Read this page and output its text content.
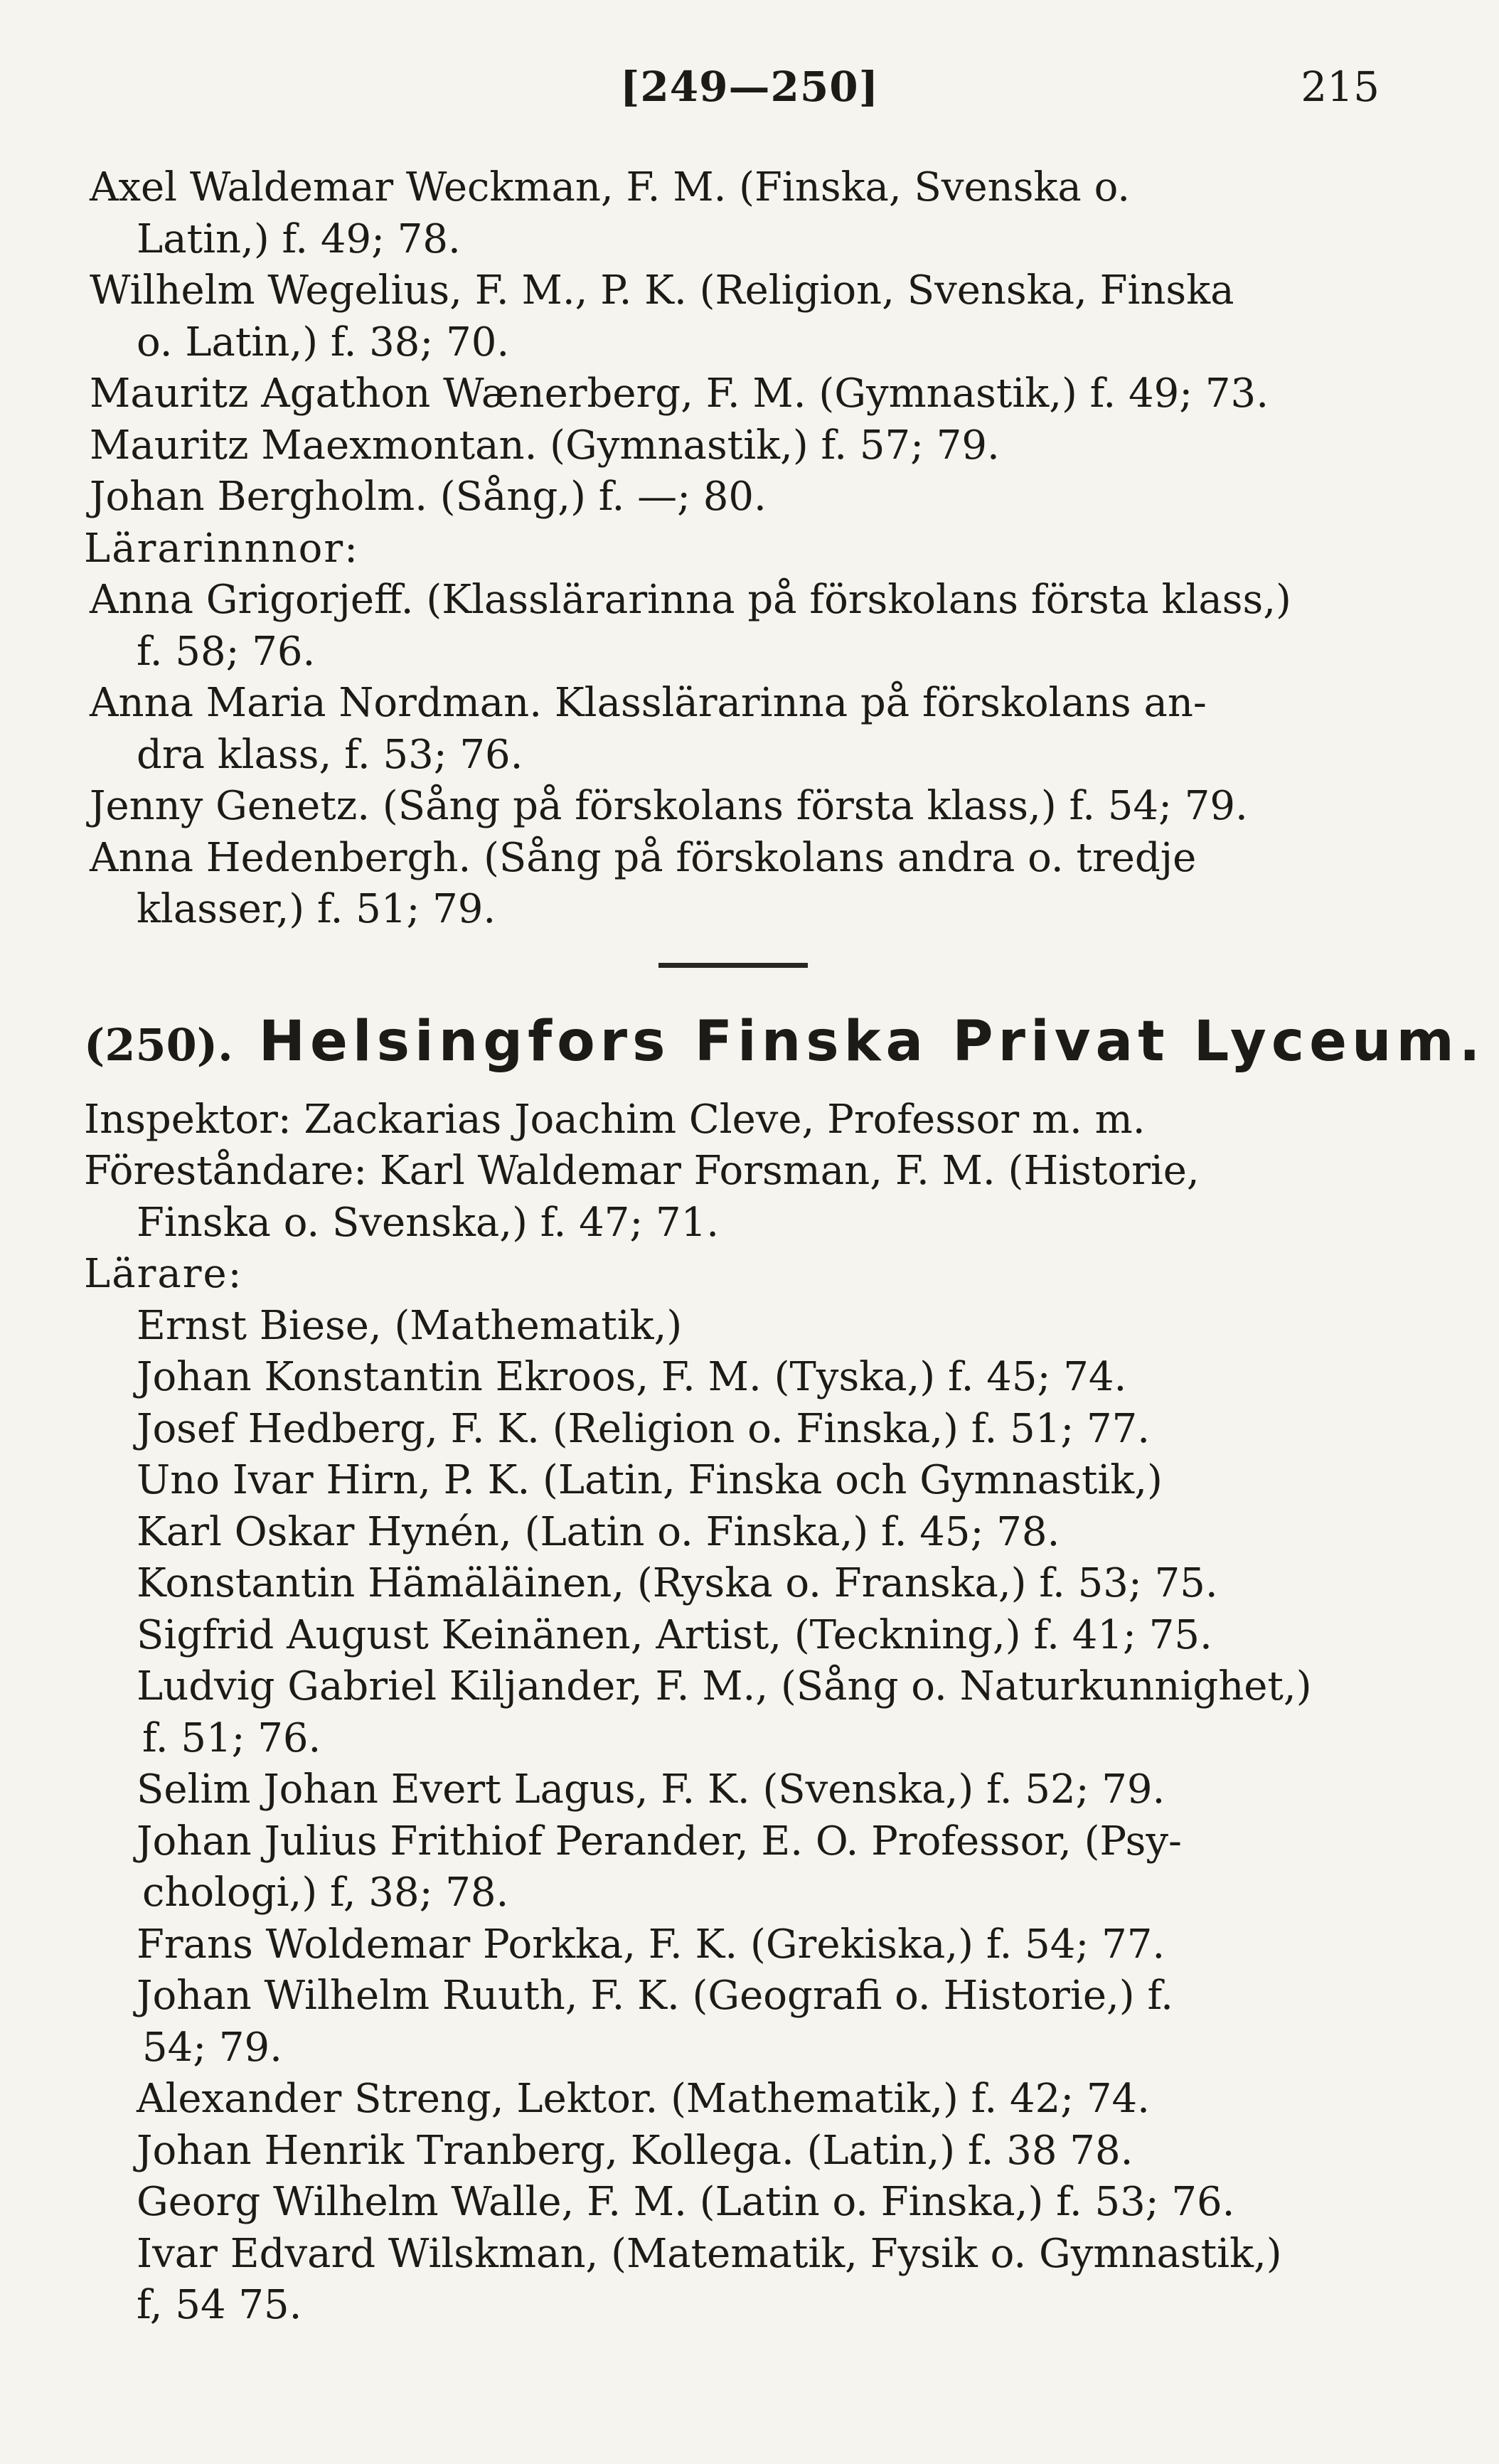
[249—250]	215
Axel Waldemar Weckman, F. M. (Finska, Svenska o.
Latin,) f. 49; 78.
Wilhelm Wegelius, F. M., P. K. (Religion, Svenska, Finska
o. Latin,) f. 38; 70.
Mauritz Agathon Wænerberg, F. M. (Gymnastik,) f. 49; 73.
Mauritz Maexmontan. (Gymnastik,) f. 57; 79.
Johan Bergholm. (Sång,) f. —; 80.
Lärarinnnor:
Anna Grigorjeff. (Klasslärarinna på förskolans första klass,)
f. 58; 76.
Anna Maria Nordman. Klasslärarinna på förskolans an-
dra klass, f. 53; 76.
Jenny Genetz. (Sång på förskolans första klass,) f. 54; 79.
Anna Hedenbergh. (Sång på förskolans andra o. tredje
klasser,) f. 51; 79.
(250). Helsingfors Finska Privat Lyceum.
Inspektor: Zackarias Joachim Cleve, Professor m. m.
Föreståndare: Karl Waldemar Forsman, F. M. (Historie,
Finska o. Svenska,) f. 47; 71.
Lärare:
Ernst Biese, (Mathematik,)
Johan Konstantin Ekroos, F. M. (Tyska,) f. 45; 74.
Josef Hedberg, F. K. (Religion o. Finska,) f. 51; 77.
Uno Ivar Hirn, P. K. (Latin, Finska och Gymnastik,)
Karl Oskar Hynén, (Latin o. Finska,) f. 45; 78.
Konstantin Hämäläinen, (Ryska o. Franska,) f. 53; 75.
Sigfrid August Keinänen, Artist, (Teckning,) f. 41; 75.
Ludvig Gabriel Kiljander, F. M., (Sång o. Naturkunnighet,)
f. 51; 76.
Selim Johan Evert Lagus, F. K. (Svenska,) f. 52; 79.
Johan Julius Frithiof Perander, E. O. Professor, (Psy-
chologi,) f, 38; 78.
Frans Woldemar Porkka, F. K. (Grekiska,) f. 54; 77.
Johan Wilhelm Ruuth, F. K. (Geografi o. Historie,) f.
54; 79.
Alexander Streng, Lektor. (Mathematik,) f. 42; 74.
Johan Henrik Tranberg, Kollega. (Latin,) f. 38 78.
Georg Wilhelm Walle, F. M. (Latin o. Finska,) f. 53; 76.
Ivar Edvard Wilskman, (Matematik, Fysik o. Gymnastik,)
f, 54 75.
